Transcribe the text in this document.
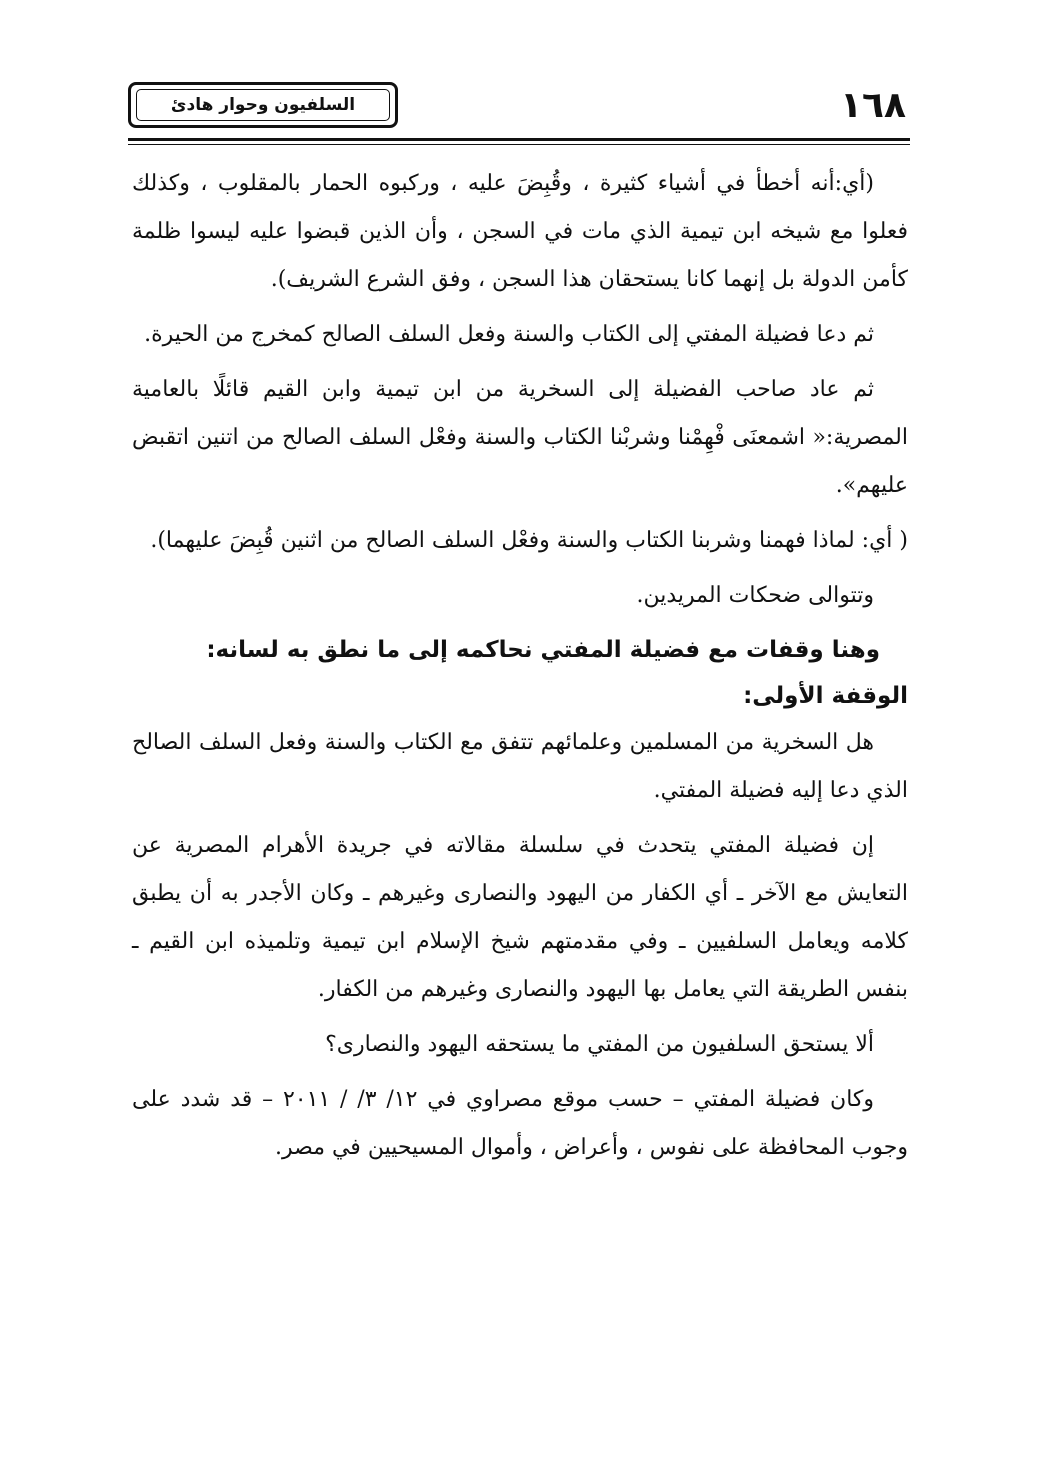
السلفيون وحوار هادئ	١٦٨

(أي:أنه أخطأ في أشياء كثيرة ، وقُبِضَ عليه ، وركبوه الحمار بالمقلوب ، وكذلك فعلوا مع شيخه ابن تيمية الذي مات في السجن ، وأن الذين قبضوا عليه ليسوا ظلمة كأمن الدولة بل إنهما كانا يستحقان هذا السجن ، وفق الشرع الشريف).

ثم دعا فضيلة المفتي إلى الكتاب والسنة وفعل السلف الصالح كمخرج من الحيرة.

ثم عاد صاحب الفضيلة إلى السخرية من ابن تيمية وابن القيم قائلًا بالعامية المصرية:« اشمعنَى فْهِمْنا وشربْنا الكتاب والسنة وفعْل السلف الصالح من اتنين اتقبض عليهم».

( أي: لماذا فهمنا وشربنا الكتاب والسنة وفعْل السلف الصالح من اثنين قُبِضَ عليهما).

وتتوالى ضحكات المريدين.

وهنا وقفات مع فضيلة المفتي نحاكمه إلى ما نطق به لسانه:

الوقفة الأولى:

هل السخرية من المسلمين وعلمائهم تتفق مع الكتاب والسنة وفعل السلف الصالح الذي دعا إليه فضيلة المفتي.

إن فضيلة المفتي يتحدث في سلسلة مقالاته في جريدة الأهرام المصرية عن التعايش مع الآخر ـ أي الكفار من اليهود والنصارى وغيرهم ـ وكان الأجدر به أن يطبق كلامه ويعامل السلفيين ـ وفي مقدمتهم شيخ الإسلام ابن تيمية وتلميذه ابن القيم ـ بنفس الطريقة التي يعامل بها اليهود والنصارى وغيرهم من الكفار.

ألا يستحق السلفيون من المفتي ما يستحقه اليهود والنصارى؟

وكان فضيلة المفتي – حسب موقع مصراوي في ١٢/ ٣/ / ٢٠١١ – قد شدد على وجوب المحافظة على نفوس ، وأعراض ، وأموال المسيحيين في مصر.
